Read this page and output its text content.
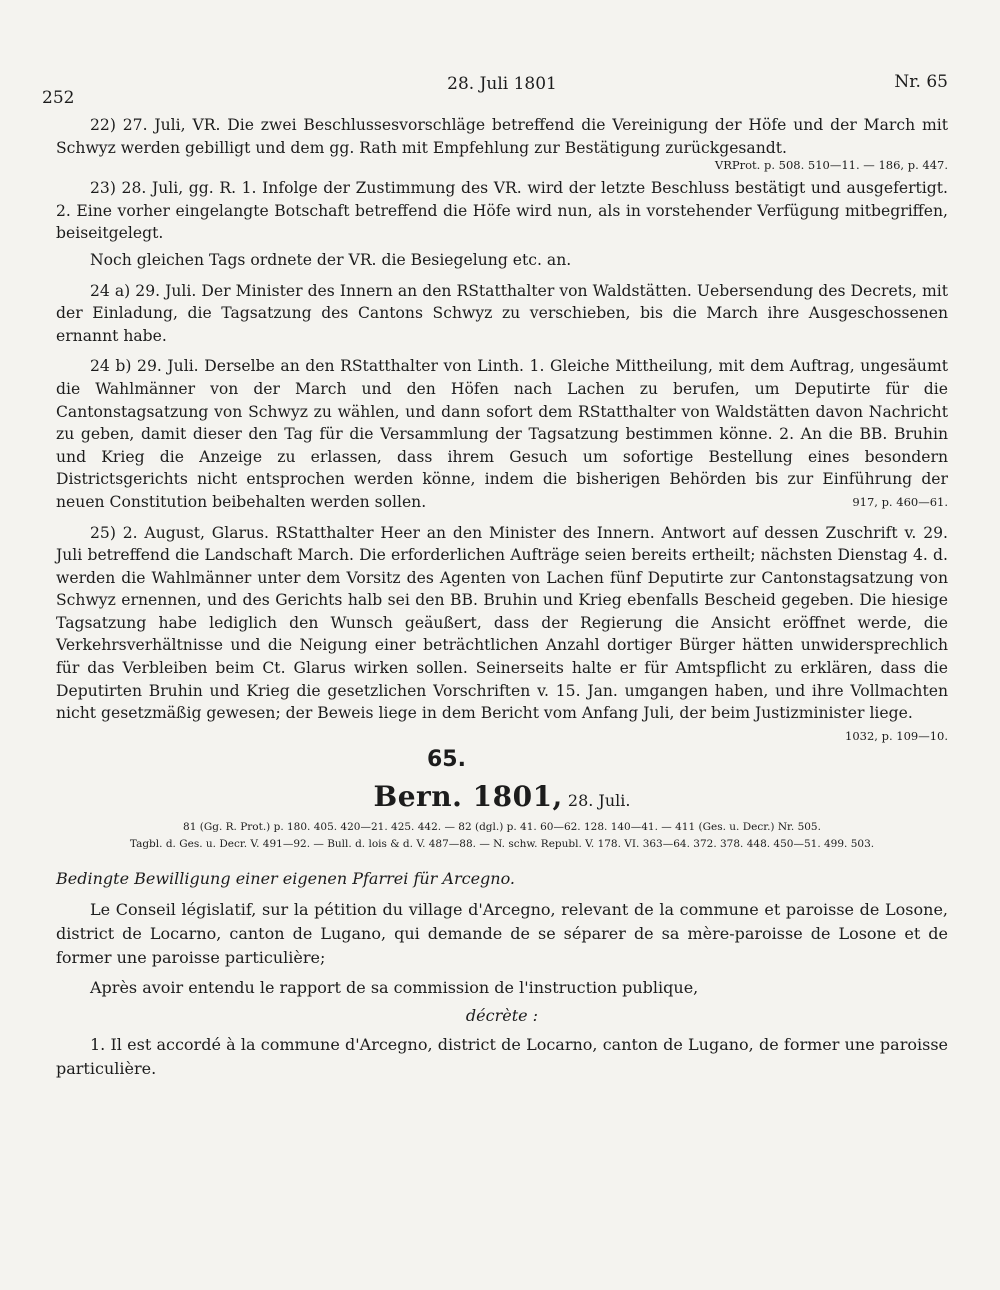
252
28. Juli 1801	Nr. 65

22) 27. Juli, VR. Die zwei Beschlussesvorschläge betreffend die Vereinigung der Höfe und der March mit Schwyz werden gebilligt und dem gg. Rath mit Empfehlung zur Bestätigung zurückgesandt.

VRProt. p. 508. 510—11. — 186, p. 447.

23) 28. Juli, gg. R. 1. Infolge der Zustimmung des VR. wird der letzte Beschluss bestätigt und ausgefertigt. 2. Eine vorher eingelangte Botschaft betreffend die Höfe wird nun, als in vorstehender Verfügung mitbegriffen, beiseitgelegt.

Noch gleichen Tags ordnete der VR. die Besiegelung etc. an.

24 a) 29. Juli. Der Minister des Innern an den RStatthalter von Waldstätten. Uebersendung des Decrets, mit der Einladung, die Tagsatzung des Cantons Schwyz zu verschieben, bis die March ihre Ausgeschossenen ernannt habe.

24 b) 29. Juli. Derselbe an den RStatthalter von Linth. 1. Gleiche Mittheilung, mit dem Auftrag, ungesäumt die Wahlmänner von der March und den Höfen nach Lachen zu berufen, um Deputirte für die Cantonstagsatzung von Schwyz zu wählen, und dann sofort dem RStatthalter von Waldstätten davon Nachricht zu geben, damit dieser den Tag für die Versammlung der Tagsatzung bestimmen könne. 2. An die BB. Bruhin und Krieg die Anzeige zu erlassen, dass ihrem Gesuch um sofortige Bestellung eines besondern Districtsgerichts nicht entsprochen werden könne, indem die bisherigen Behörden bis zur Einführung der neuen Constitution beibehalten werden sollen.	917, p. 460—61.

25) 2. August, Glarus. RStatthalter Heer an den Minister des Innern. Antwort auf dessen Zuschrift v. 29. Juli betreffend die Landschaft March. Die erforderlichen Aufträge seien bereits ertheilt; nächsten Dienstag 4. d. werden die Wahlmänner unter dem Vorsitz des Agenten von Lachen fünf Deputirte zur Cantonstagsatzung von Schwyz ernennen, und des Gerichts halb sei den BB. Bruhin und Krieg ebenfalls Bescheid gegeben. Die hiesige Tagsatzung habe lediglich den Wunsch geäußert, dass der Regierung die Ansicht eröffnet werde, die Verkehrsverhältnisse und die Neigung einer beträchtlichen Anzahl dortiger Bürger hätten unwidersprechlich für das Verbleiben beim Ct. Glarus wirken sollen. Seinerseits halte er für Amtspflicht zu erklären, dass die Deputirten Bruhin und Krieg die gesetzlichen Vorschriften v. 15. Jan. umgangen haben, und ihre Vollmachten nicht gesetzmäßig gewesen; der Beweis liege in dem Bericht vom Anfang Juli, der beim Justizminister liege.
1032, p. 109—10.

65.
Bern. 1801, 28. Juli.
81 (Gg. R. Prot.) p. 180. 405. 420—21. 425. 442. — 82 (dgl.) p. 41. 60—62. 128. 140—41. — 411 (Ges. u. Decr.) Nr. 505.
Tagbl. d. Ges. u. Decr. V. 491—92. — Bull. d. lois & d. V. 487—88. — N. schw. Republ. V. 178. VI. 363—64. 372. 378. 448. 450—51. 499. 503.
Bedingte Bewilligung einer eigenen Pfarrei für Arcegno.

Le Conseil législatif, sur la pétition du village d'Arcegno, relevant de la commune et paroisse de Losone, district de Locarno, canton de Lugano, qui demande de se séparer de sa mère-paroisse de Losone et de former une paroisse particulière;

Après avoir entendu le rapport de sa commission de l'instruction publique,

décrète :

1. Il est accordé à la commune d'Arcegno, district de Locarno, canton de Lugano, de former une paroisse particulière.
